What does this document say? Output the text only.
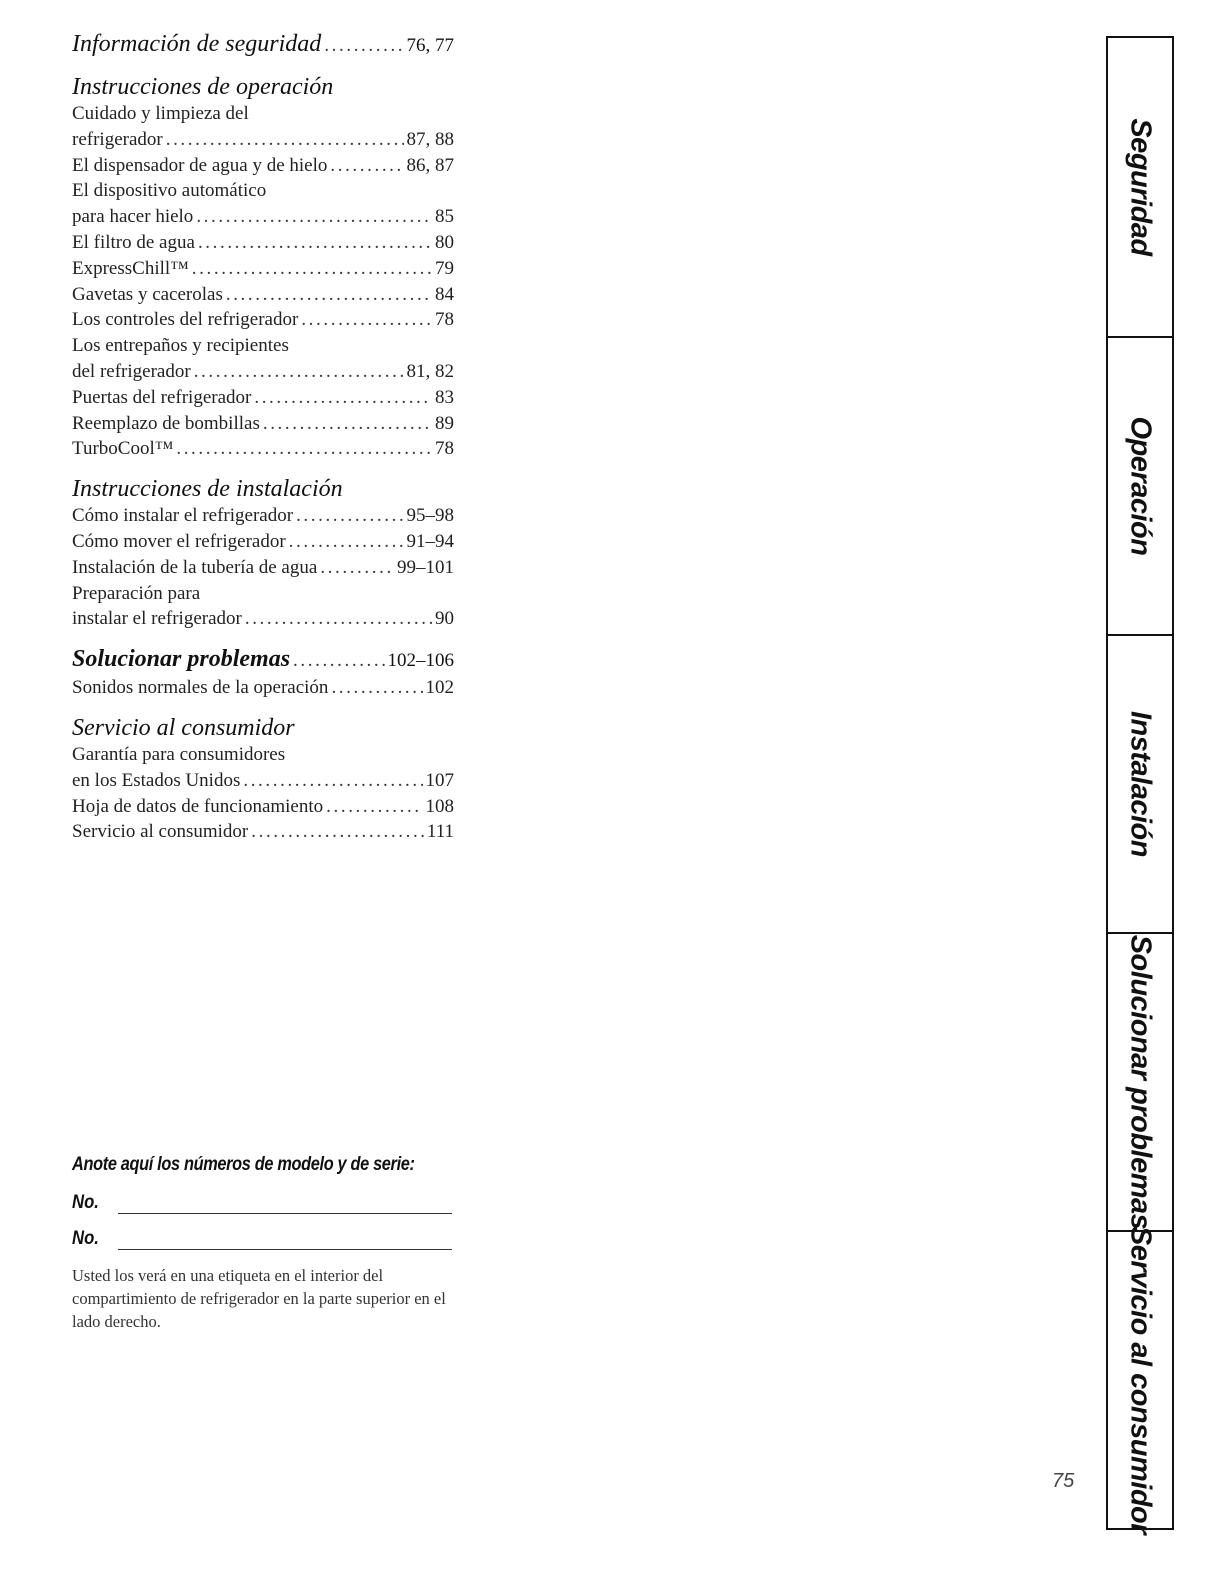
Información de seguridad .....	76, 77
Instrucciones de operación
Cuidado y limpieza del
refrigerador .....	87, 88
El dispensador de agua y de hielo .....	86, 87
El dispositivo automático
para hacer hielo .....	85
El filtro de agua .....	80
ExpressChill™ .....	79
Gavetas y cacerolas .....	84
Los controles del refrigerador .....	78
Los entrepaños y recipientes
del refrigerador .....	81, 82
Puertas del refrigerador .....	83
Reemplazo de bombillas .....	89
TurboCool™ .....	78
Instrucciones de instalación
Cómo instalar el refrigerador .....	95–98
Cómo mover el refrigerador .....	91–94
Instalación de la tubería de agua .....	99–101
Preparación para
instalar el refrigerador .....	90
Solucionar problemas .....	102–106
Sonidos normales de la operación .....	102
Servicio al consumidor
Garantía para consumidores
en los Estados Unidos .....	107
Hoja de datos de funcionamiento .....	108
Servicio al consumidor .....	111
Anote aquí los números de modelo y de serie:
No.
No.
Usted los verá en una etiqueta en el interior del compartimiento de refrigerador en la parte superior en el lado derecho.
75
Seguridad
Operación
Instalación
Solucionar problemas
Servicio al consumidor
